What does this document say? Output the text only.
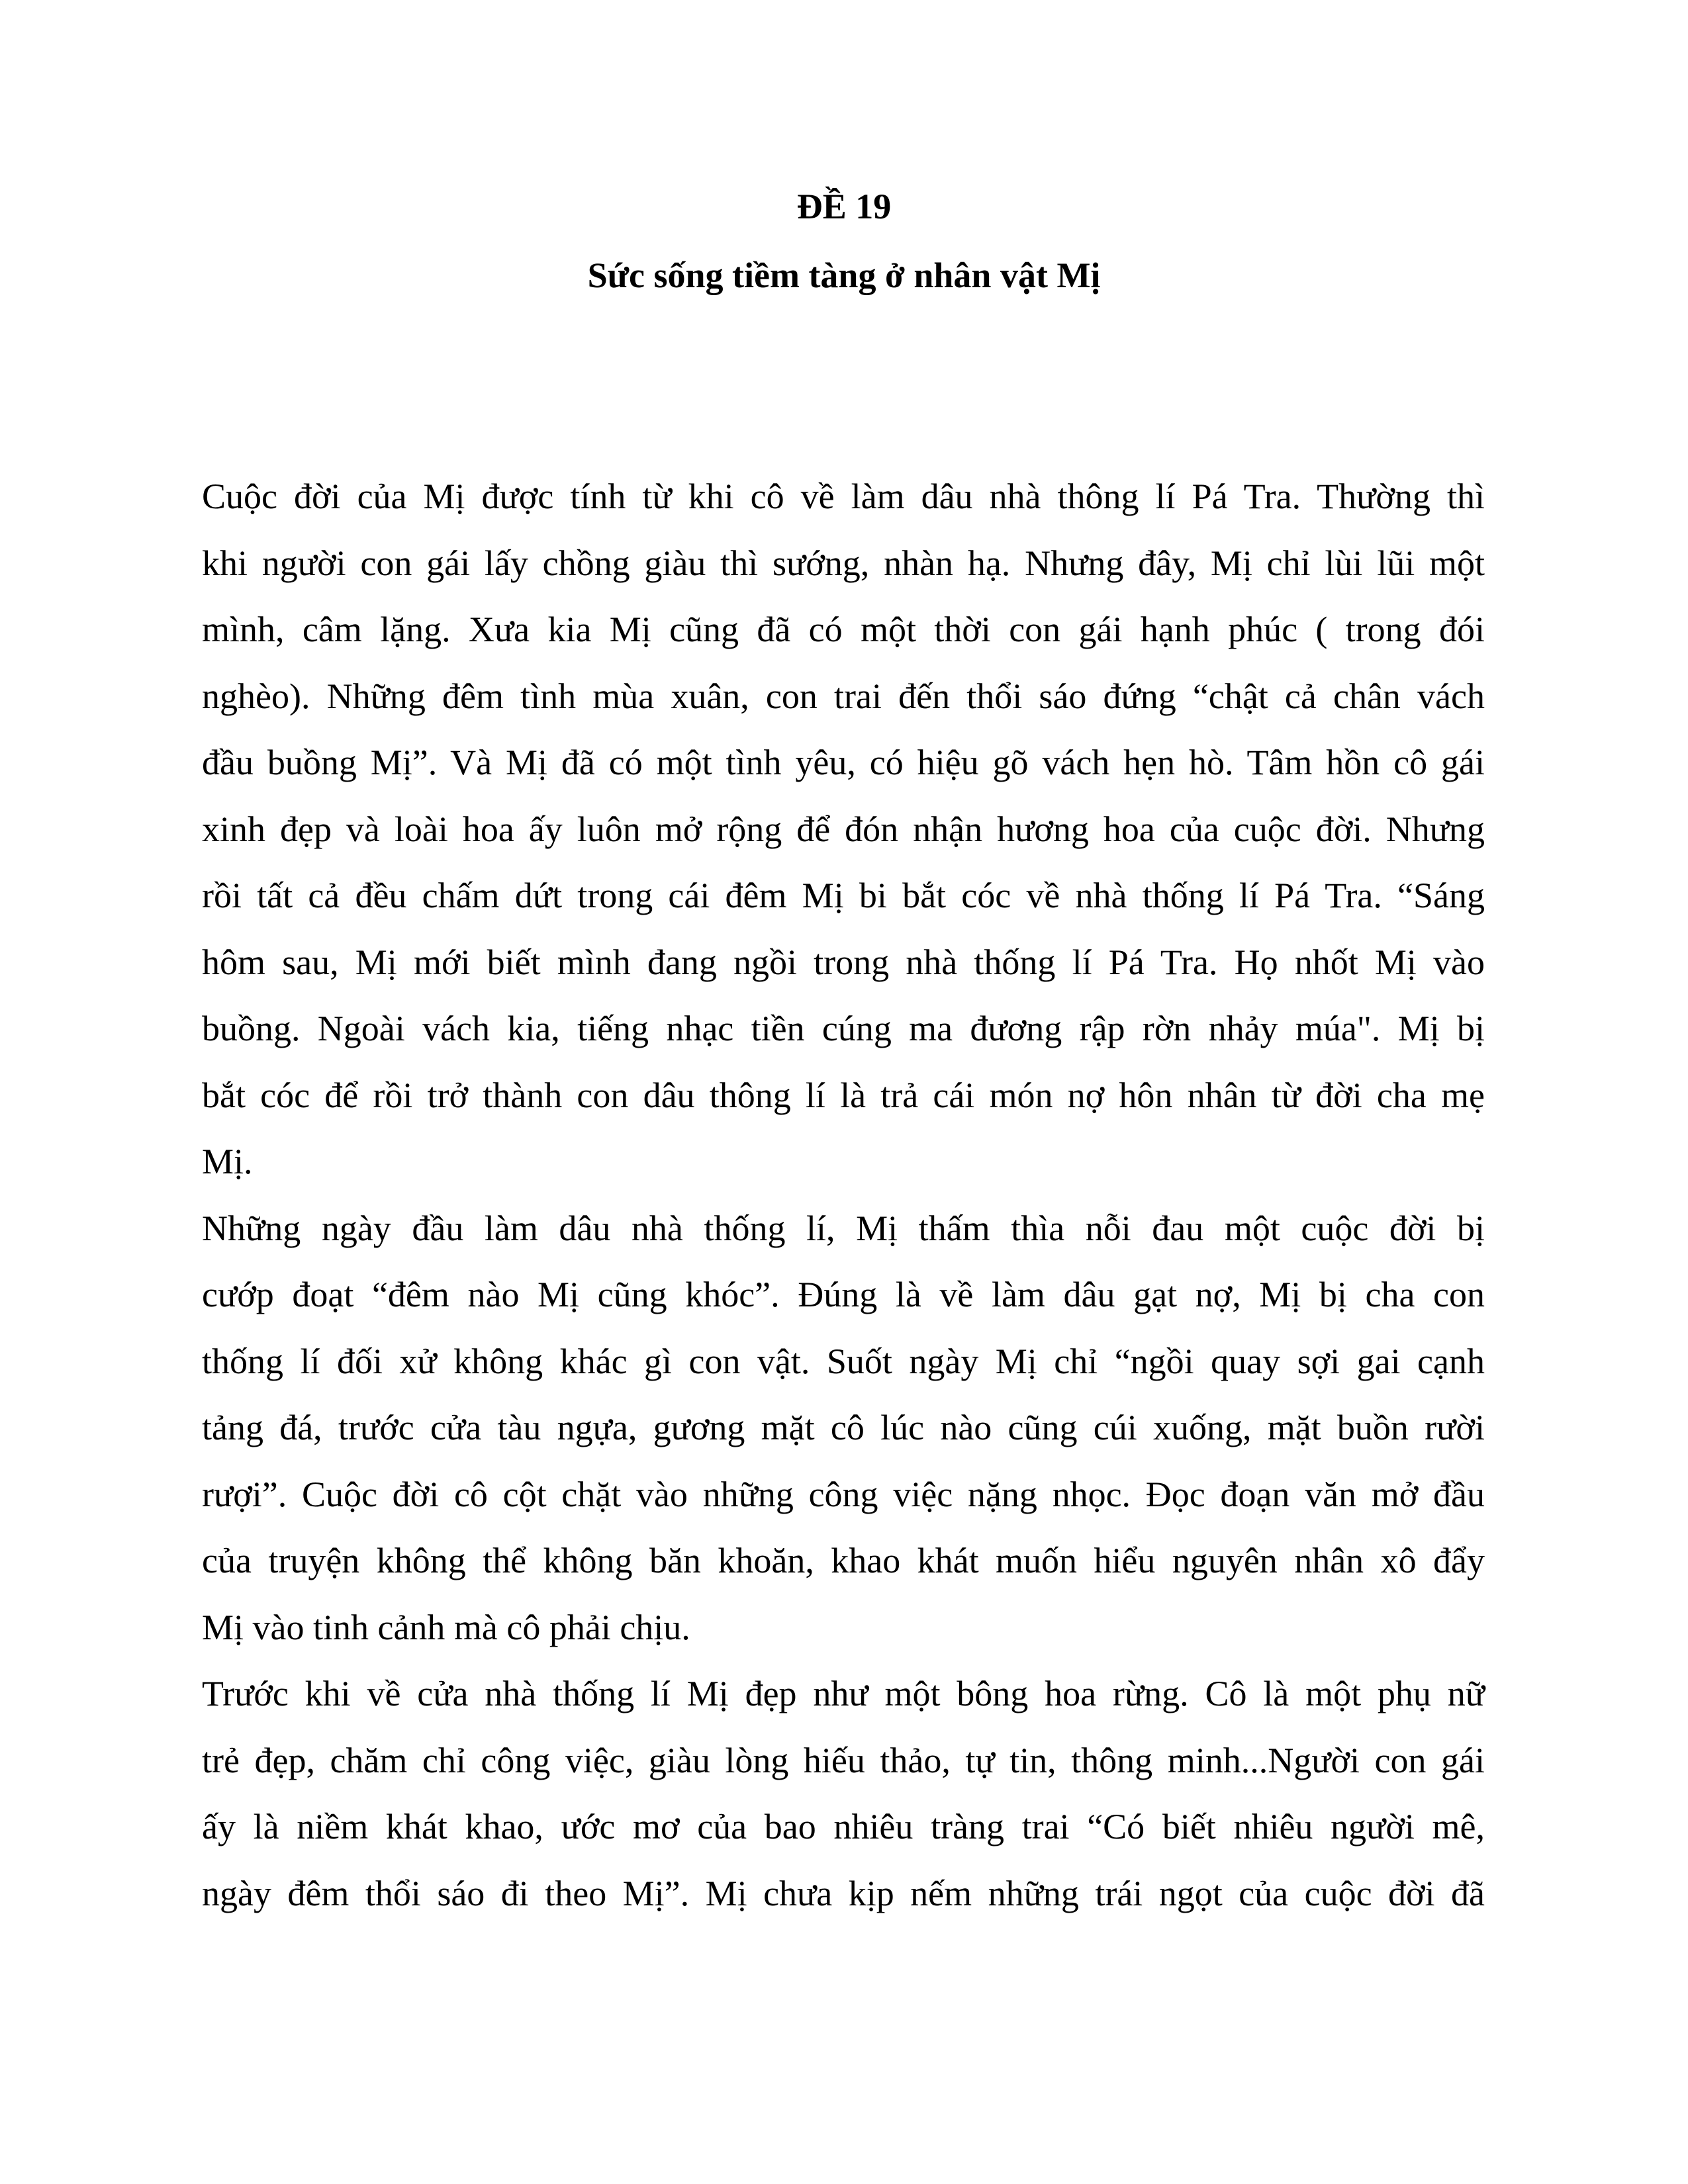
ĐỀ 19
Sức sống tiềm tàng ở nhân vật Mị

Cuộc đời của Mị được tính từ khi cô về làm dâu nhà thông lí Pá Tra. Thường thì
khi người con gái lấy chồng giàu thì sướng, nhàn hạ. Nhưng đây, Mị chỉ lùi lũi một
mình, câm lặng. Xưa kia Mị cũng đã có một thời con gái hạnh phúc ( trong đói
nghèo). Những đêm tình mùa xuân, con trai đến thổi sáo đứng “chật cả chân vách
đầu buồng Mị”. Và Mị đã có một tình yêu, có hiệu gõ vách hẹn hò. Tâm hồn cô gái
xinh đẹp và loài hoa ấy luôn mở rộng để đón nhận hương hoa của cuộc đời. Nhưng
rồi tất cả đều chấm dứt trong cái đêm Mị bi bắt cóc về nhà thống lí Pá Tra. “Sáng
hôm sau, Mị mới biết mình đang ngồi trong nhà thống lí Pá Tra. Họ nhốt Mị vào
buồng. Ngoài vách kia, tiếng nhạc tiền cúng ma đương rập rờn nhảy múa". Mị bị
bắt cóc để rồi trở thành con dâu thông lí là trả cái món nợ hôn nhân từ đời cha mẹ
Mị.

Những ngày đầu làm dâu nhà thống lí, Mị thấm thìa nỗi đau một cuộc đời bị
cướp đoạt “đêm nào Mị cũng khóc”. Đúng là về làm dâu gạt nợ, Mị bị cha con
thống lí đối xử không khác gì con vật. Suốt ngày Mị chỉ “ngồi quay sợi gai cạnh
tảng đá, trước cửa tàu ngựa, gương mặt cô lúc nào cũng cúi xuống, mặt buồn rười
rượi”. Cuộc đời cô cột chặt vào những công việc nặng nhọc. Đọc đoạn văn mở đầu
của truyện không thể không băn khoăn, khao khát muốn hiểu nguyên nhân xô đẩy
Mị vào tinh cảnh mà cô phải chịu.

Trước khi về cửa nhà thống lí Mị đẹp như một bông hoa rừng. Cô là một phụ nữ
trẻ đẹp, chăm chỉ công việc, giàu lòng hiếu thảo, tự tin, thông minh...Người con gái
ấy là niềm khát khao, ước mơ của bao nhiêu tràng trai “Có biết nhiêu người mê,
ngày đêm thổi sáo đi theo Mị”. Mị chưa kịp nếm những trái ngọt của cuộc đời đã
